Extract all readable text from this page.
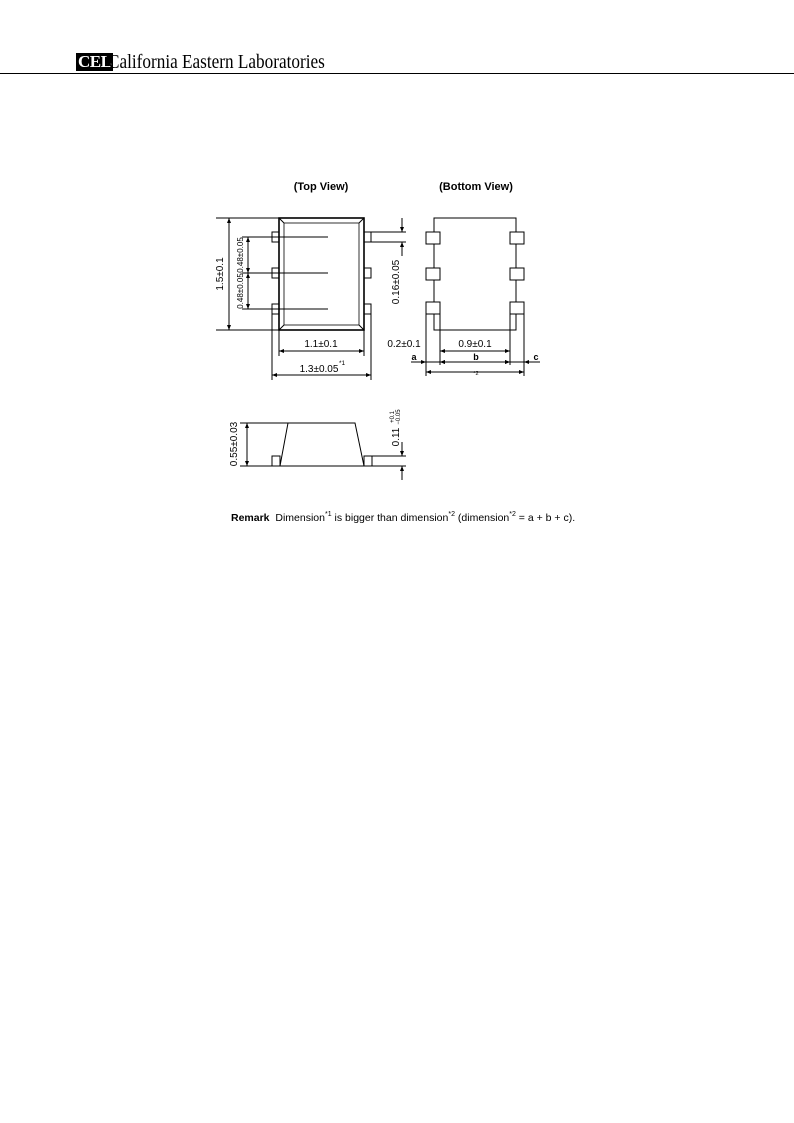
CEL
California Eastern Laboratories
(Top View)	(Bottom View)
1.5±0.1
0.48±0.05
0.48±0.05	0.16±0.05
1.1±0.1
1.3±0.05
*1
0.2±0.1	0.9±0.1
a	b	c
*2
0.55±0.03	0.11
+0.1−0.05
Remark Dimension$^{*1}$ is bigger than dimension$^{*2}$ (dimension$^{*2}$ = a + b + c).
